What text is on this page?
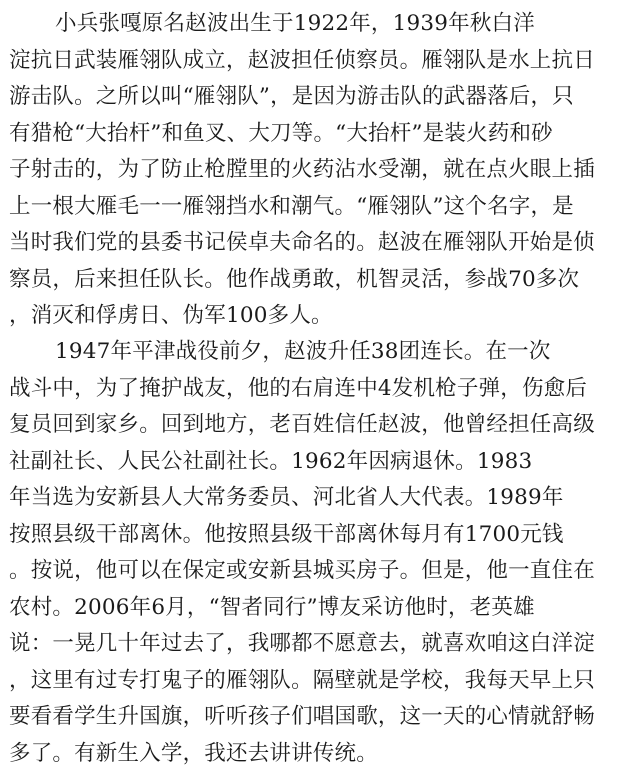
小兵张嘎原名赵波出生于1922年，1939年秋白洋
淀抗日武装雁翎队成立，赵波担任侦察员。雁翎队是水上抗日
游击队。之所以叫“雁翎队”，是因为游击队的武器落后，只
有猎枪“大抬杆”和鱼叉、大刀等。“大抬杆”是装火药和砂
子射击的，为了防止枪膛里的火药沾水受潮，就在点火眼上插
上一根大雁毛一一雁翎挡水和潮气。“雁翎队”这个名字，是
当时我们党的县委书记侯卓夫命名的。赵波在雁翎队开始是侦
察员，后来担任队长。他作战勇敢，机智灵活，参战70多次
，消灭和俘虏日、伪军100多人。
1947年平津战役前夕，赵波升任38团连长。在一次
战斗中，为了掩护战友，他的右肩连中4发机枪子弹，伤愈后
复员回到家乡。回到地方，老百姓信任赵波，他曾经担任高级
社副社长、人民公社副社长。1962年因病退休。1983
年当选为安新县人大常务委员、河北省人大代表。1989年
按照县级干部离休。他按照县级干部离休每月有1700元钱
。按说，他可以在保定或安新县城买房子。但是，他一直住在
农村。2006年6月，“智者同行”博友采访他时，老英雄
说：一晃几十年过去了，我哪都不愿意去，就喜欢咱这白洋淀
，这里有过专打鬼子的雁翎队。隔壁就是学校，我每天早上只
要看看学生升国旗，听听孩子们唱国歌，这一天的心情就舒畅
多了。有新生入学，我还去讲讲传统。
